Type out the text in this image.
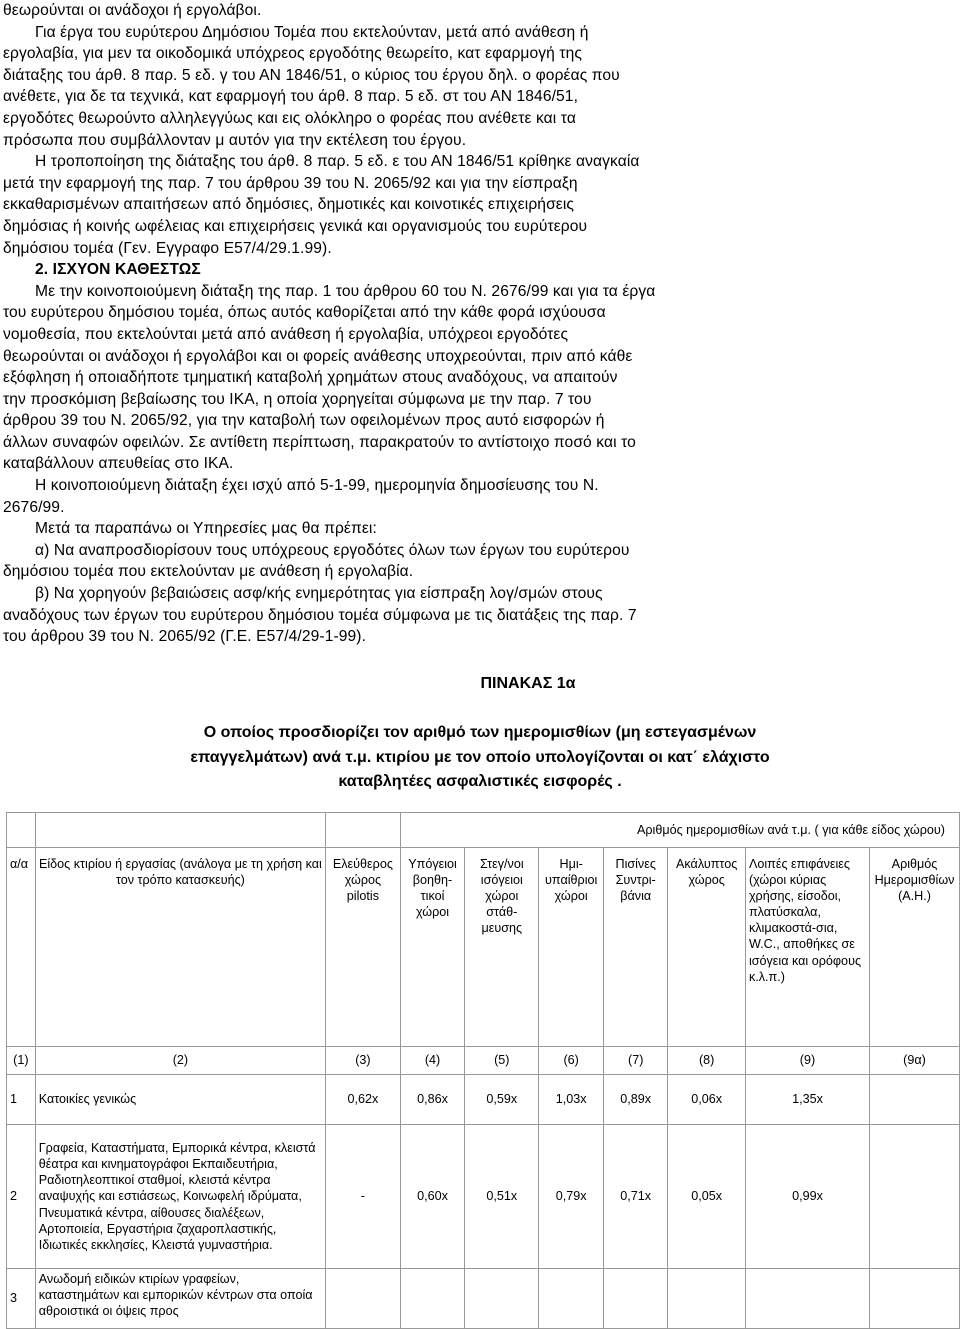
θεωρούνται οι ανάδοχοι ή εργολάβοι.
Για έργα του ευρύτερου Δημόσιου Τομέα που εκτελούνταν, μετά από ανάθεση ή
εργολαβία, για μεν τα οικοδομικά υπόχρεος εργοδότης θεωρείτο, κατ εφαρμογή της
διάταξης του άρθ. 8 παρ. 5 εδ. γ του ΑΝ 1846/51, ο κύριος του έργου δηλ. ο φορέας που
ανέθετε, για δε τα τεχνικά, κατ εφαρμογή του άρθ. 8 παρ. 5 εδ. στ του ΑΝ 1846/51,
εργοδότες θεωρούντο αλληλεγγύως και εις ολόκληρο ο φορέας που ανέθετε και τα
πρόσωπα που συμβάλλονταν μ αυτόν για την εκτέλεση του έργου.
Η τροποποίηση της διάταξης του άρθ. 8 παρ. 5 εδ. ε του ΑΝ 1846/51 κρίθηκε αναγκαία
μετά την εφαρμογή της παρ. 7 του άρθρου 39 του Ν. 2065/92 και για την είσπραξη
εκκαθαρισμένων απαιτήσεων από δημόσιες, δημοτικές και κοινοτικές επιχειρήσεις
δημόσιας ή κοινής ωφέλειας και επιχειρήσεις γενικά και οργανισμούς του ευρύτερου
δημόσιου τομέα (Γεν. Εγγραφο Ε57/4/29.1.99).
2. ΙΣΧΥΟΝ ΚΑΘΕΣΤΩΣ
Με την κοινοποιούμενη διάταξη της παρ. 1 του άρθρου 60 του Ν. 2676/99 και για τα έργα
του ευρύτερου δημόσιου τομέα, όπως αυτός καθορίζεται από την κάθε φορά ισχύουσα
νομοθεσία, που εκτελούνται μετά από ανάθεση ή εργολαβία, υπόχρεοι εργοδότες
θεωρούνται οι ανάδοχοι ή εργολάβοι και οι φορείς ανάθεσης υποχρεούνται, πριν από κάθε
εξόφληση ή οποιαδήποτε τμηματική καταβολή χρημάτων στους αναδόχους, να απαιτούν
την προσκόμιση βεβαίωσης του ΙΚΑ, η οποία χορηγείται σύμφωνα με την παρ. 7 του
άρθρου 39 του Ν. 2065/92, για την καταβολή των οφειλομένων προς αυτό εισφορών ή
άλλων συναφών οφειλών. Σε αντίθετη περίπτωση, παρακρατούν το αντίστοιχο ποσό και το
καταβάλλουν απευθείας στο ΙΚΑ.
Η κοινοποιούμενη διάταξη έχει ισχύ από 5-1-99, ημερομηνία δημοσίευσης του Ν.
2676/99.
Μετά τα παραπάνω οι Υπηρεσίες μας θα πρέπει:
α) Να αναπροσδιορίσουν τους υπόχρεους εργοδότες όλων των έργων του ευρύτερου
δημόσιου τομέα που εκτελούνταν με ανάθεση ή εργολαβία.
β) Να χορηγούν βεβαιώσεις ασφ/κής ενημερότητας για είσπραξη λογ/σμών στους
αναδόχους των έργων του ευρύτερου δημόσιου τομέα σύμφωνα με τις διατάξεις της παρ. 7
του άρθρου 39 του Ν. 2065/92 (Γ.Ε. Ε57/4/29-1-99).
ΠΙΝΑΚΑΣ 1α
Ο οποίος προσδιορίζει τον αριθμό των ημερομισθίων (μη εστεγασμένων
επαγγελμάτων) ανά τ.μ. κτιρίου με τον οποίο υπολογίζονται οι κατ΄ ελάχιστο
καταβλητέες ασφαλιστικές εισφορές .
			Αριθμός ημερομισθίων ανά τ.μ. ( για κάθε είδος χώρου)						
α/α	Είδος κτιρίου ή εργασίας (ανάλογα με τη χρήση και τον τρόπο κατασκευής)	Ελεύθερος χώρος pilotis	Υπόγειοι βοηθη-τικοί χώροι	Στεγ/νοι ισόγειοι χώροι στάθ-μευσης	Ημι-υπαίθριοι χώροι	Πισίνες Συντρι-βάνια	Ακάλυπτος χώρος	Λοιπές επιφάνειες (χώροι κύριας χρήσης, είσοδοι, πλατύσκαλα, κλιμακοστά-σια, W.C., αποθήκες σε ισόγεια και ορόφους κ.λ.π.)	Αριθμός Ημερομισθίων (Α.Η.)
(1)	(2)	(3)	(4)	(5)	(6)	(7)	(8)	(9)	(9α)
1	Κατοικίες γενικώς	0,62x	0,86x	0,59x	1,03x	0,89x	0,06x	1,35x	
2	Γραφεία, Καταστήματα, Εμπορικά κέντρα, κλειστά θέατρα και κινηματογράφοι Εκπαιδευτήρια, Ραδιοτηλεοπτικοί σταθμοί, κλειστά κέντρα αναψυχής και εστιάσεως, Κοινωφελή ιδρύματα, Πνευματικά κέντρα, αίθουσες διαλέξεων, Αρτοποιεία, Εργαστήρια ζαχαροπλαστικής, Ιδιωτικές εκκλησίες, Κλειστά γυμναστήρια.	-	0,60x	0,51x	0,79x	0,71x	0,05x	0,99x	
3	Ανωδομή ειδικών κτιρίων γραφείων, καταστημάτων και εμπορικών κέντρων στα οποία αθροιστικά οι όψεις προς								
